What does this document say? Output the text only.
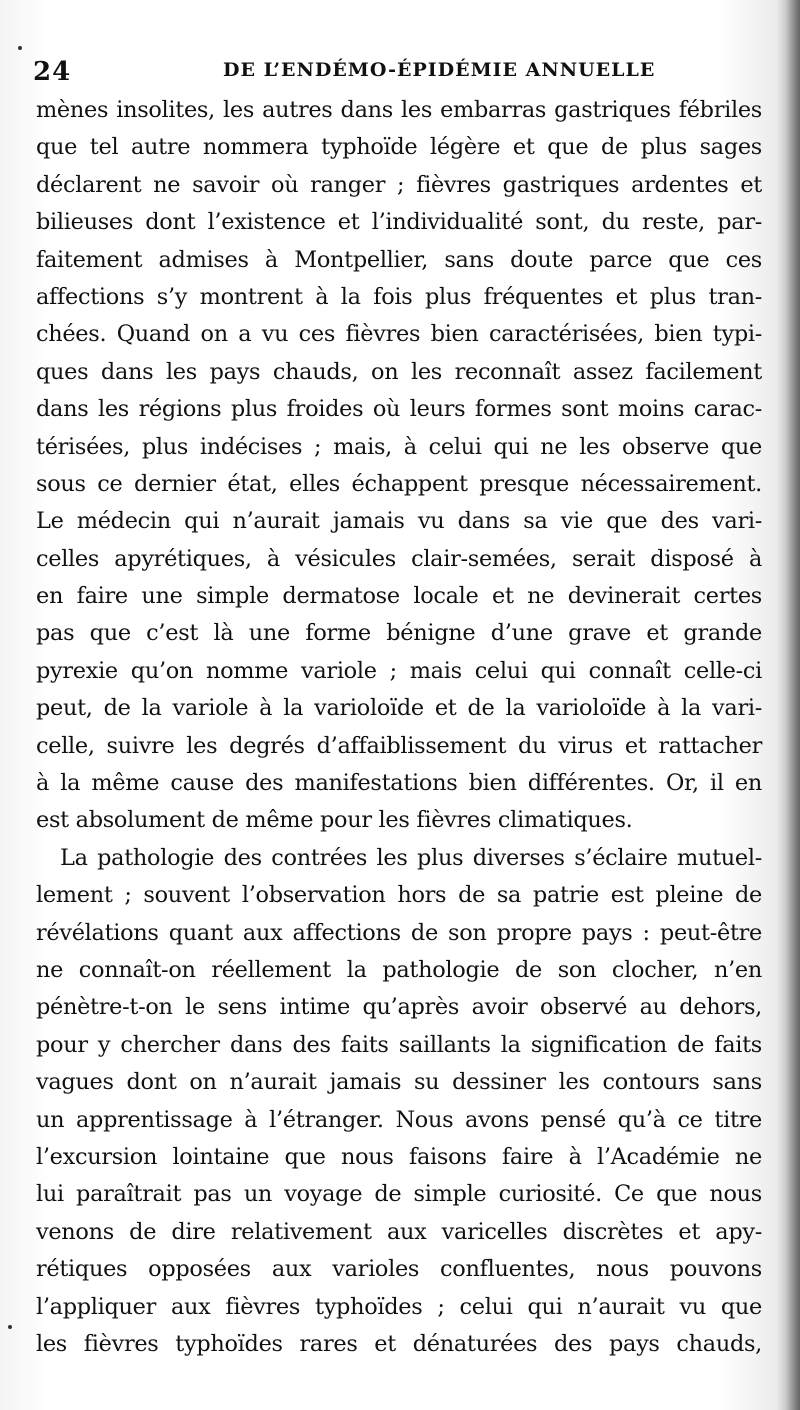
24	DE L’ENDÉMO-ÉPIDÉMIE ANNUELLE
mènes insolites, les autres dans les embarras gastriques fébriles
que tel autre nommera typhoïde légère et que de plus sages
déclarent ne savoir où ranger ; fièvres gastriques ardentes et
bilieuses dont l’existence et l’individualité sont, du reste, par-
faitement admises à Montpellier, sans doute parce que ces
affections s’y montrent à la fois plus fréquentes et plus tran-
chées. Quand on a vu ces fièvres bien caractérisées, bien typi-
ques dans les pays chauds, on les reconnaît assez facilement
dans les régions plus froides où leurs formes sont moins carac-
térisées, plus indécises ; mais, à celui qui ne les observe que
sous ce dernier état, elles échappent presque nécessairement.
Le médecin qui n’aurait jamais vu dans sa vie que des vari-
celles apyrétiques, à vésicules clair-semées, serait disposé à
en faire une simple dermatose locale et ne devinerait certes
pas que c’est là une forme bénigne d’une grave et grande
pyrexie qu’on nomme variole ; mais celui qui connaît celle-ci
peut, de la variole à la varioloïde et de la varioloïde à la vari-
celle, suivre les degrés d’affaiblissement du virus et rattacher
à la même cause des manifestations bien différentes. Or, il en
est absolument de même pour les fièvres climatiques.
La pathologie des contrées les plus diverses s’éclaire mutuel-
lement ; souvent l’observation hors de sa patrie est pleine de
révélations quant aux affections de son propre pays : peut-être
ne connaît-on réellement la pathologie de son clocher, n’en
pénètre-t-on le sens intime qu’après avoir observé au dehors,
pour y chercher dans des faits saillants la signification de faits
vagues dont on n’aurait jamais su dessiner les contours sans
un apprentissage à l’étranger. Nous avons pensé qu’à ce titre
l’excursion lointaine que nous faisons faire à l’Académie ne
lui paraîtrait pas un voyage de simple curiosité. Ce que nous
venons de dire relativement aux varicelles discrètes et apy-
rétiques opposées aux varioles confluentes, nous pouvons
l’appliquer aux fièvres typhoïdes ; celui qui n’aurait vu que
les fièvres typhoïdes rares et dénaturées des pays chauds,
